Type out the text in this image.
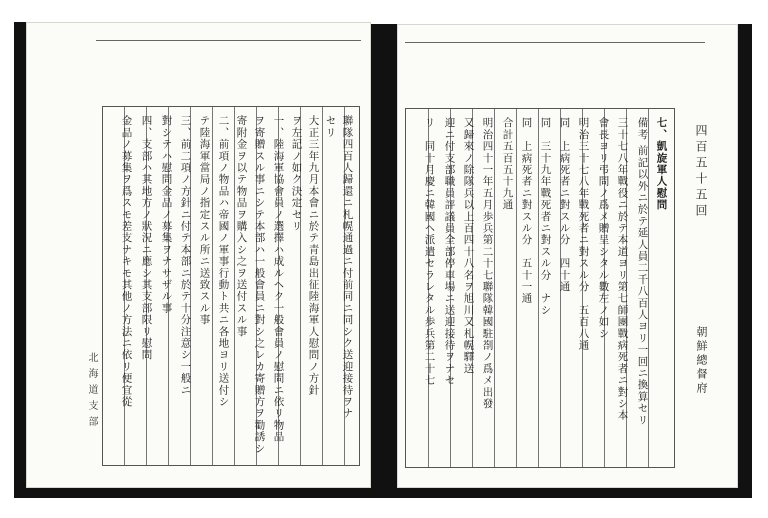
聯隊四百人歸還ニ札幌通過ニ付前同ニ同シク送迎接待ヲナ
セリ
大正三年九月本會ニ於テ青島出征陸海軍人慰問ノ方針
ヲ左記ノ如ク決定セリ
一、陸海軍協會員ノ選擇ハ成ルヘク一般會員ノ慰問ニ依リ物品
ヲ寄贈スル事ニシテ本部ハ一般會員ニ對シ之レカ寄贈方ヲ勸誘シ
寄附金ヲ以テ物品ヲ購入シ之ヲ送付スル事
二、前項ノ物品ハ帝國ノ軍事行動ト共ニ各地ヨリ送付シ
テ陸海軍當局ノ指定スル所ニ送致スル事
三、前二項ノ方針ニ付テ本部ニ於テ十分注意シ一般ニ
對シテハ慰問金品ノ募集ヲナサザル事
四、支部ハ其地方ノ狀況ニ應シ其支部限リ慰問
金品ノ募集ヲ爲スモ差支ナキモ其他ノ方法ニ依リ便宜從
北海道支部
七、凱旋軍人慰問
備考 前記以外ニ於テ延人員二千八百人ヨリ一回ニ換算セリ
三十七八年戰役ニ於テ本道ヨリ第七師團戰病死者ニ對シ本
會長ヨリ弔問ノ爲メ贈呈シタル數左ノ如シ
明治三十七八年戰死者ニ對スル分　五百八通
同　上病死者ニ對スル分　四十通
同　三十九年戰死者ニ對スル分　ナシ
同　上病死者ニ對スル分　五十一通
合計五百五十九通
明治四十一年五月歩兵第二十七聯隊韓國駐剳ノ爲メ出發
又歸來ノ除隊兵以上百四十八名ヲ旭川又札幌驛送
迎ニ付支部職員評議員全部停車場ニ送迎接待ヲナセ
リ　同十月慶ニ韓國ヘ派遣セラレタル歩兵第二十七	四百五十五回
朝鮮總督府
